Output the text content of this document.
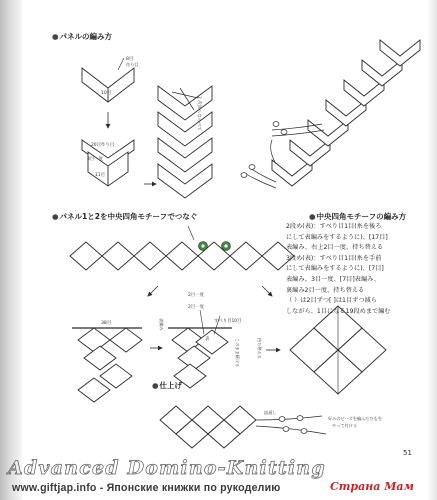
●パネルの編み方
●パネル1と2を中央四角モチーフでつなぐ	●中央四角モチーフの編み方
●仕上げ
8目
作り目
10目
20目作り目
3目一度
11目
2 次回へならべて
38目
2目一度
2目一度
すべり目10目
表
表編み
このまま続ける	持ち替える
紐通し
好みのビーズを編んだひもを
やって付ける
2段め(表)：すべり目1目(糸を後ろ
にして表編みをするように)、[17目]
表編み、右上2目一度、持ち替える
3段め(表)：すべり目1目(糸を手前
にして表編みをするように)、[7目]
表編み、3目一度、[7目]表編み、
裏編み2目一度、持ち替える
（ ）は2目ずつ[ ]は1目ずつ減ら
しながら、1目になる19段めまで編む
51
Advanced Domino-Knitting
www.giftjap.info - Японские книжки по рукоделию	Страна Мам
